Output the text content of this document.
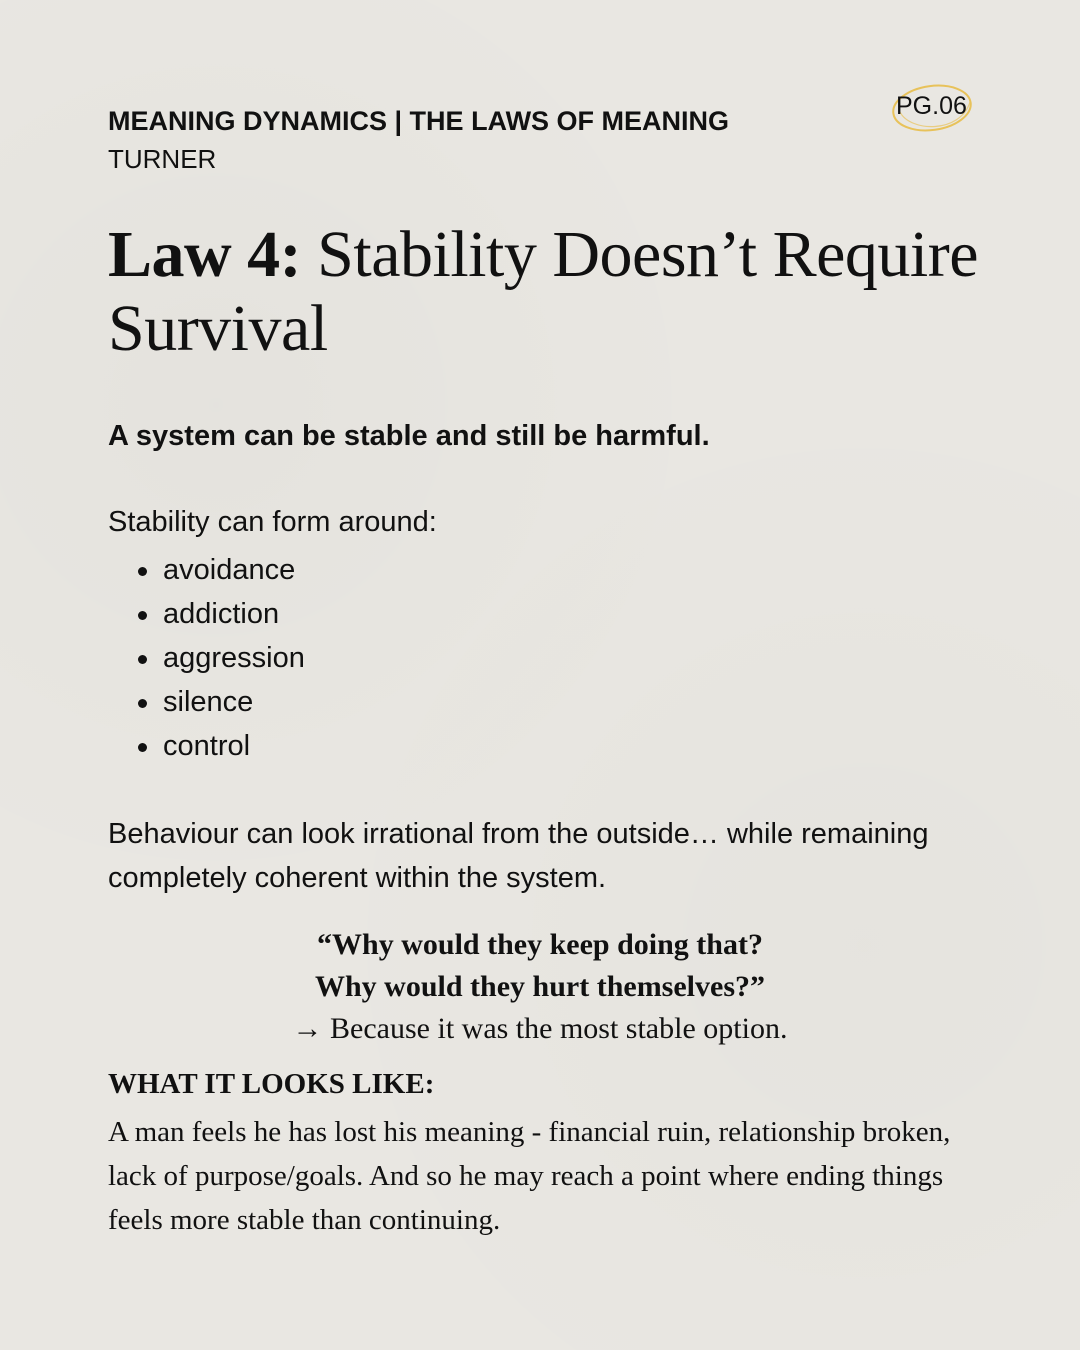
MEANING DYNAMICS | THE LAWS OF MEANING
TURNER
PG.06
Law 4: Stability Doesn’t Require Survival
A system can be stable and still be harmful.
Stability can form around:
avoidance
addiction
aggression
silence
control
Behaviour can look irrational from the outside… while remaining completely coherent within the system.
“Why would they keep doing that?
Why would they hurt themselves?”
→ Because it was the most stable option.
WHAT IT LOOKS LIKE:
A man feels he has lost his meaning - financial ruin, relationship broken, lack of purpose/goals. And so he may reach a point where ending things feels more stable than continuing.
